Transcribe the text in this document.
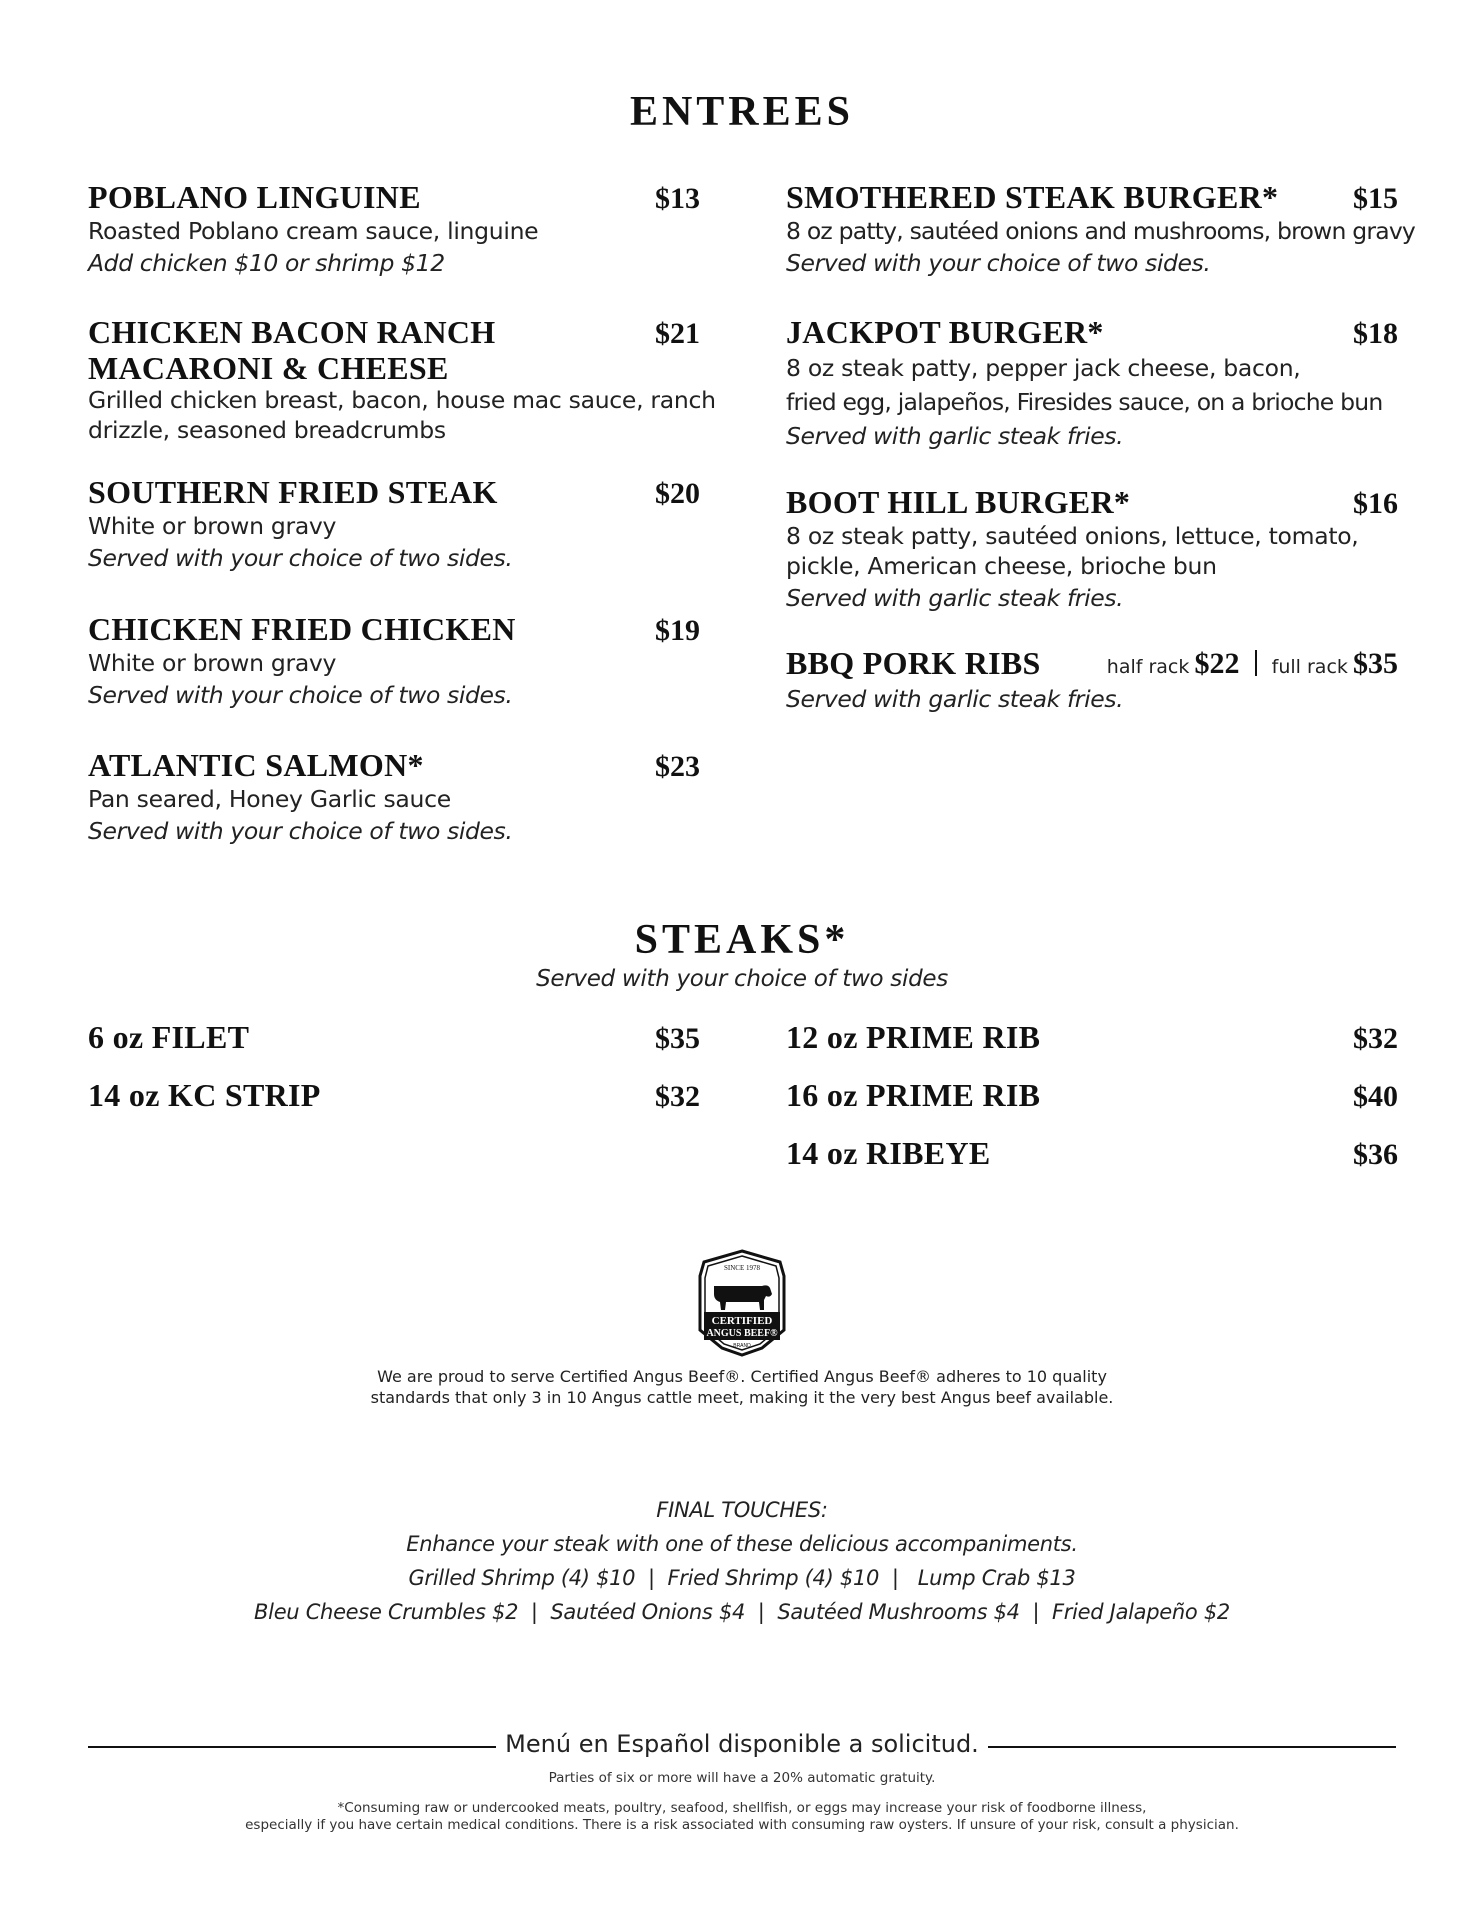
ENTREES
POBLANO LINGUINE	$13
Roasted Poblano cream sauce, linguine
Add chicken $10 or shrimp $12
CHICKEN BACON RANCH	$21
MACARONI & CHEESE
Grilled chicken breast, bacon, house mac sauce, ranch
drizzle, seasoned breadcrumbs
SOUTHERN FRIED STEAK	$20
White or brown gravy
Served with your choice of two sides.
CHICKEN FRIED CHICKEN	$19
White or brown gravy
Served with your choice of two sides.
ATLANTIC SALMON*	$23
Pan seared, Honey Garlic sauce
Served with your choice of two sides.
SMOTHERED STEAK BURGER*	$15
8 oz patty, sautéed onions and mushrooms, brown gravy
Served with your choice of two sides.
JACKPOT BURGER*	$18
8 oz steak patty, pepper jack cheese, bacon,
fried egg, jalapeños, Firesides sauce, on a brioche bun
Served with garlic steak fries.
BOOT HILL BURGER*	$16
8 oz steak patty, sautéed onions, lettuce, tomato,
pickle, American cheese, brioche bun
Served with garlic steak fries.
BBQ PORK RIBS	half rack $22 full rack $35
Served with garlic steak fries.
STEAKS*
Served with your choice of two sides
6 oz FILET	$35
14 oz KC STRIP	$32
12 oz PRIME RIB	$32
16 oz PRIME RIB	$40
14 oz RIBEYE	$36
SINCE 1978
CERTIFIED
ANGUS BEEF®
BRAND
We are proud to serve Certified Angus Beef®. Certified Angus Beef® adheres to 10 quality
standards that only 3 in 10 Angus cattle meet, making it the very best Angus beef available.
FINAL TOUCHES:
Enhance your steak with one of these delicious accompaniments.
Grilled Shrimp (4) $10  |  Fried Shrimp (4) $10  |   Lump Crab $13
Bleu Cheese Crumbles $2  |  Sautéed Onions $4  |  Sautéed Mushrooms $4  |  Fried Jalapeño $2
Menú en Español disponible a solicitud.
Parties of six or more will have a 20% automatic gratuity.
*Consuming raw or undercooked meats, poultry, seafood, shellfish, or eggs may increase your risk of foodborne illness,
especially if you have certain medical conditions. There is a risk associated with consuming raw oysters. If unsure of your risk, consult a physician.
